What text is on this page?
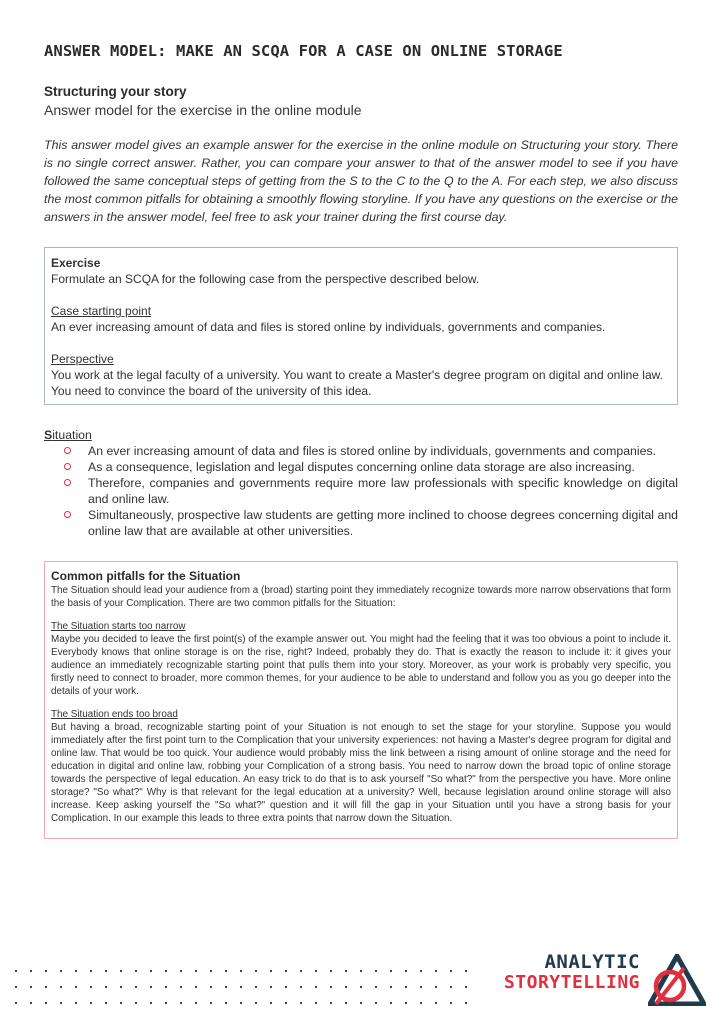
ANSWER MODEL: MAKE AN SCQA FOR A CASE ON ONLINE STORAGE
Structuring your story
Answer model for the exercise in the online module
This answer model gives an example answer for the exercise in the online module on Structuring your story. There is no single correct answer. Rather, you can compare your answer to that of the answer model to see if you have followed the same conceptual steps of getting from the S to the C to the Q to the A. For each step, we also discuss the most common pitfalls for obtaining a smoothly flowing storyline. If you have any questions on the exercise or the answers in the answer model, feel free to ask your trainer during the first course day.
Exercise
Formulate an SCQA for the following case from the perspective described below.
Case starting point
An ever increasing amount of data and files is stored online by individuals, governments and companies.
Perspective
You work at the legal faculty of a university. You want to create a Master's degree program on digital and online law. You need to convince the board of the university of this idea.
Situation
An ever increasing amount of data and files is stored online by individuals, governments and companies.
As a consequence, legislation and legal disputes concerning online data storage are also increasing.
Therefore, companies and governments require more law professionals with specific knowledge on digital and online law.
Simultaneously, prospective law students are getting more inclined to choose degrees concerning digital and online law that are available at other universities.
Common pitfalls for the Situation
The Situation should lead your audience from a (broad) starting point they immediately recognize towards more narrow observations that form the basis of your Complication. There are two common pitfalls for the Situation:
The Situation starts too narrow
Maybe you decided to leave the first point(s) of the example answer out. You might had the feeling that it was too obvious a point to include it. Everybody knows that online storage is on the rise, right? Indeed, probably they do. That is exactly the reason to include it: it gives your audience an immediately recognizable starting point that pulls them into your story. Moreover, as your work is probably very specific, you firstly need to connect to broader, more common themes, for your audience to be able to understand and follow you as you go deeper into the details of your work.
The Situation ends too broad
But having a broad, recognizable starting point of your Situation is not enough to set the stage for your storyline. Suppose you would immediately after the first point turn to the Complication that your university experiences: not having a Master's degree program for digital and online law. That would be too quick. Your audience would probably miss the link between a rising amount of online storage and the need for education in digital and online law, robbing your Complication of a strong basis. You need to narrow down the broad topic of online storage towards the perspective of legal education. An easy trick to do that is to ask yourself "So what?" from the perspective you have. More online storage? "So what?" Why is that relevant for the legal education at a university? Well, because legislation around online storage will also increase. Keep asking yourself the "So what?" question and it will fill the gap in your Situation until you have a strong basis for your Complication. In our example this leads to three extra points that narrow down the Situation.
ANALYTIC
STORYTELLING
